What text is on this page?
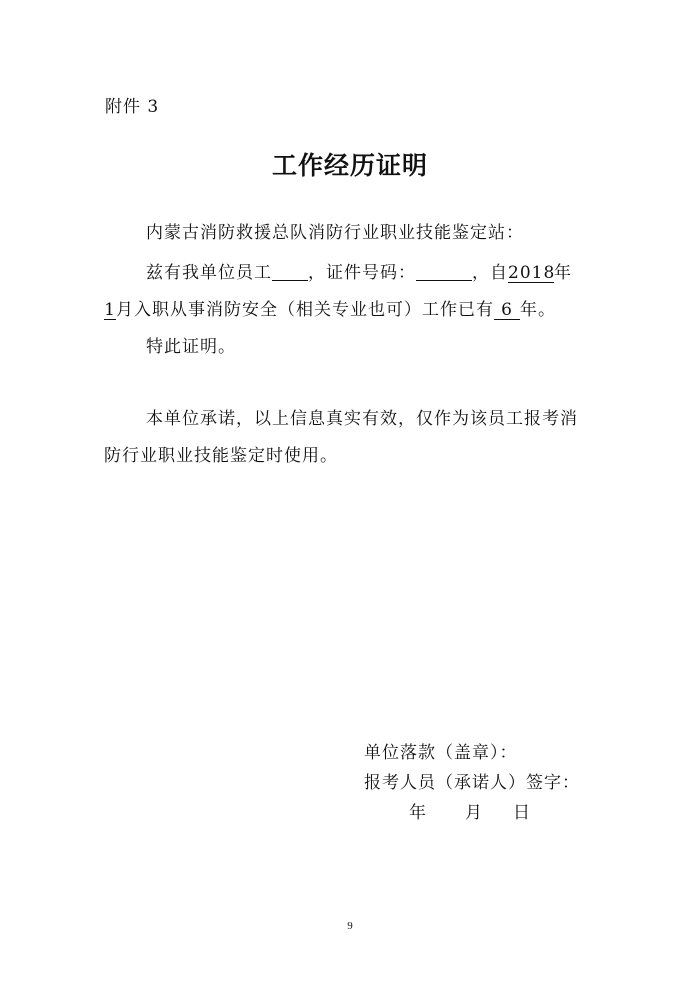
附件 3
工作经历证明
内蒙古消防救援总队消防行业职业技能鉴定站：
兹有我单位员工 ，证件号码：	，自2018年
1月入职从事消防安全（相关专业也可）工作已有 6 年。
特此证明。
本单位承诺，以上信息真实有效，仅作为该员工报考消
防行业职业技能鉴定时使用。
单位落款（盖章）：
报考人员（承诺人）签字：
年 月 日
9
